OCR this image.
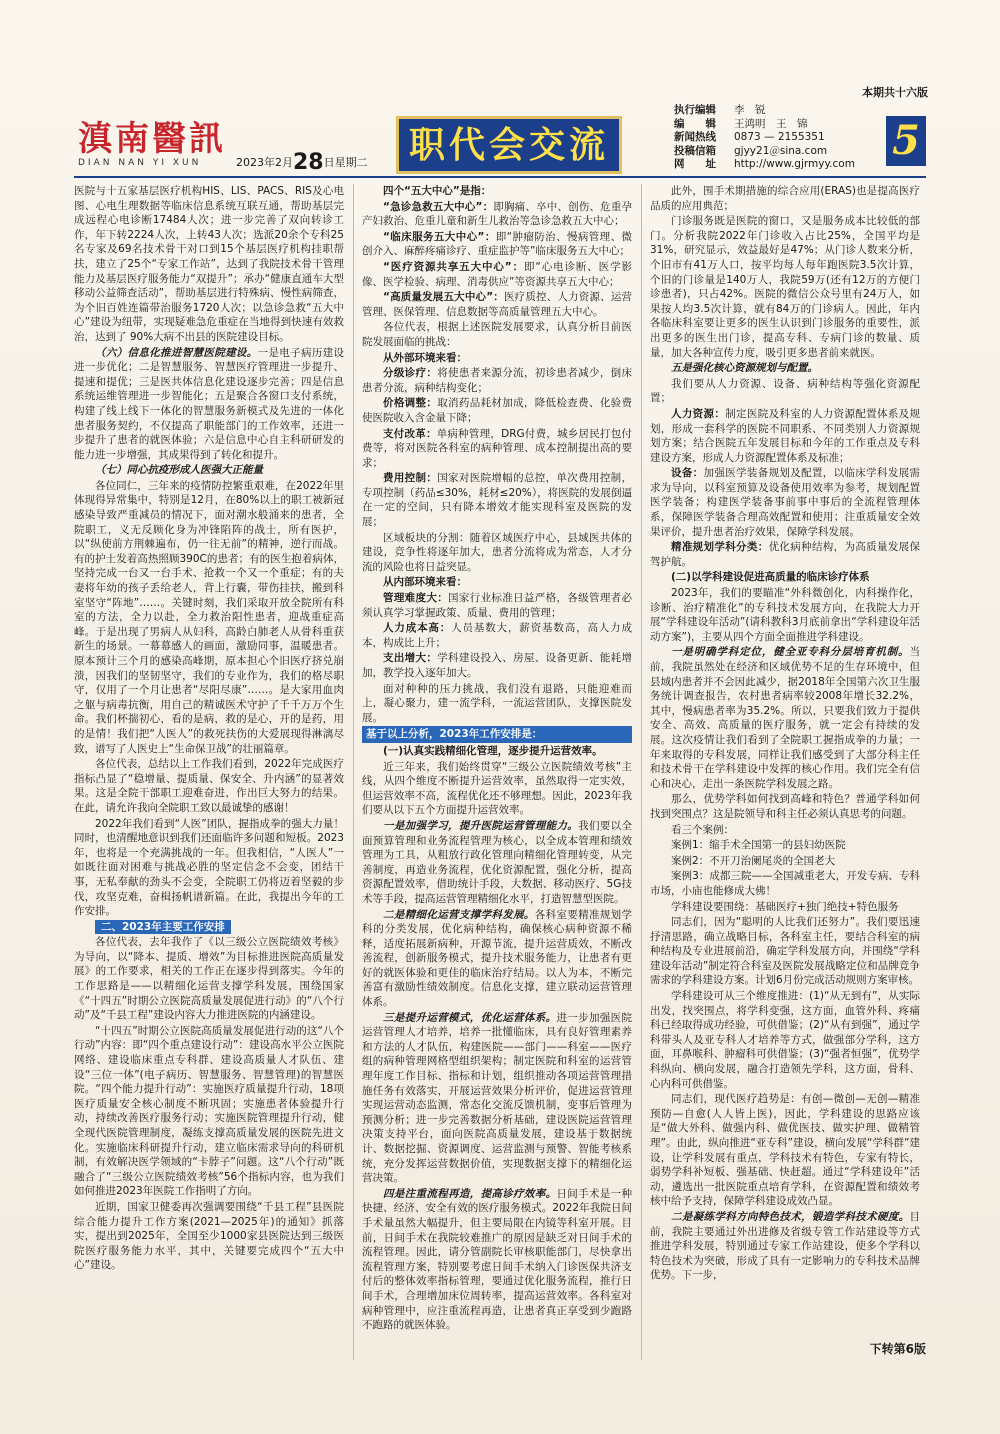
本期共十六版
滇南醫訊
DIAN NAN YI XUN	2023年2月28日星期二	职代会交流
执行编辑	李　锐
编　　辑	王鸿明　王　锦
新闻热线	0873 — 2155351
投稿信箱	gjyy21＠sina.com
网　　址	http://www.gjrmyy.com 5

医院与十五家基层医疗机构HIS、LIS、PACS、RIS及心电图、心电生理数据等临床信息系统互联互通，帮助基层完成远程心电诊断17484人次；进一步完善了双向转诊工作，年下转2224人次，上转43人次；选派20余个专科25名专家及69名技术骨干对口到15个基层医疗机构挂职帮扶，建立了25个“专家工作站”，达到了我院技术骨干管理能力及基层医疗服务能力“双提升”；承办“健康直通车大型移动公益筛查活动”，帮助基层进行特殊病、慢性病筛查，为个旧百姓连篇带治服务1720人次；以急诊急救“五大中心”建设为纽带，实现疑难急危重症在当地得到快速有效救治，达到了 90%大病不出县的医院建设目标。

（六）信息化推进智慧医院建设。一是电子病历建设进一步优化；二是智慧服务、智慧医疗管理进一步提升、提速和提优；三是医共体信息化建设逐步完善；四是信息系统运维管理进一步智能化；五是聚合各窗口支付系统，构建了线上线下一体化的智慧服务新模式及先进的一体化患者服务契约，不仅提高了职能部门的工作效率，还进一步提升了患者的就医体验；六是信息中心自主科研研发的能力进一步增强，其成果得到了转化和提升。

（七）同心抗疫形成人医强大正能量

各位同仁，三年来的疫情防控繁重艰难，在2022年里体现得异常集中，特别是12月，在80%以上的职工被新冠感染导致严重减员的情况下，面对潮水般涌来的患者，全院职工，义无反顾化身为冲锋陷阵的战士，所有医护，以“纵使前方荆棘遍布，仍一往无前”的精神，逆行而战。有的护士发着高热照顾390C的患者；有的医生抱着病体，坚持完成一台又一台手术、抢救一个又一个重症；有的夫妻将年幼的孩子丢给老人，背上行囊，带伤挂扶，搬到科室坚守“阵地”……。关键时刻，我们采取开放全院所有科室的方法，全力以赴，全力救治阳性患者，迎战重症高峰。于是出现了男病人从妇科，高龄白肺老人从骨科重获新生的场景。一幕幕感人的画面，激励同事，温暖患者。原本预计三个月的感染高峰期，原本担心个旧医疗挤兑崩溃，因我们的坚韧坚守，我们的专业作为，我们的格尽职守，仅用了一个月让患者“尽阳尽康”……。是大家用血肉之躯与病毒抗衡，用自己的精诚医术守护了千千万万个生命。我们杯揣初心，看的是病，救的是心，开的是药，用的是情！我们把“人医人”的救死扶伤的大爱展现得淋漓尽致，谱写了人医史上“生命保卫战”的壮丽篇章。

各位代表，总结以上工作我们看到，2022年完成医疗指标凸显了“稳增量、提质量、保安全、升内涵”的显著效果。这是全院干部职工迎难奋进，作出巨大努力的结果。在此，请允许我向全院职工致以最诚挚的感谢！

2022年我们看到“人医”团队，握指成拳的强大力量！同时，也清醒地意识到我们还面临许多问题和短板。2023年，也将是一个充满挑战的一年。但我相信，“人医人”一如既往面对困难与挑战必胜的坚定信念不会变，团结干事，无私奉献的劲头不会变，全院职工仍将迈着坚毅的步伐，攻坚克难，奋楫扬帆谱新篇。在此，我提出今年的工作安排。

二、2023年主要工作安排

各位代表，去年我作了《以三级公立医院绩效考核》为导向，以“降本、提质、增效”为目标推进医院高质量发展》的工作要求，相关的工作正在逐步得到落实。今年的工作思路是——以精细化运营支撑学科发展，围绕国家《“十四五”时期公立医院高质量发展促进行动》的“八个行动”及“千县工程”建设内容大力推进医院的内涵建设。

“十四五”时期公立医院高质量发展促进行动的这“八个行动”内容：即“四个重点建设行动”：建设高水平公立医院网络、建设临床重点专科群、建设高质量人才队伍、建设“三位一体”(电子病历、智慧服务、智慧管理)的智慧医院。“四个能力提升行动”：实施医疗质量提升行动，18项医疗质量安全核心制度不断巩固；实施患者体验提升行动，持续改善医疗服务行动；实施医院管理提升行动，健全现代医院管理制度，凝练支撑高质量发展的医院先进文化。实施临床科研提升行动，建立临床需求导向的科研机制，有效解决医学领域的“卡脖子”问题。这“八个行动”既融合了“三级公立医院绩效考核”56个指标内容，也为我们如何推进2023年医院工作指明了方向。

近期，国家卫健委再次强调要围绕“千县工程”县医院综合能力提升工作方案(2021—2025年)的通知》抓落实，提出到2025年，全国至少1000家县医院达到三级医院医疗服务能力水平，其中，关键要完成四个“五大中心”建设。

四个“五大中心”是指：

“急诊急救五大中心”：即胸痛、卒中、创伤、危重孕产妇救治、危重儿童和新生儿救治等急诊急救五大中心；

“临床服务五大中心”：即“肿瘤防治、慢病管理、微创介入、麻醉疼痛诊疗、重症监护等”临床服务五大中心；

“医疗资源共享五大中心”：即“心电诊断、医学影像、医学检验、病理、消毒供应”等资源共享五大中心；

“高质量发展五大中心”：医疗质控、人力资源、运营管理、医保管理、信息数据等高质量管理五大中心。

各位代表，根据上述医院发展要求，认真分析目前医院发展面临的挑战：

从外部环境来看：

分级诊疗：将使患者来源分流，初诊患者减少，倒床患者分流，病种结构变化；

价格调整：取消药品耗材加成，降低检查费、化验费使医院收入含金量下降；

支付改革：单病种管理，DRG付费，城乡居民打包付费等，将对医院各科室的病种管理、成本控制提出高的要求；

费用控制：国家对医院增幅的总控，单次费用控制，专项控制（药品≤30%，耗材≤20%），将医院的发展倒逼在一定的空间，只有降本增效才能实现科室及医院的发展；

区域板块的分割：随着区域医疗中心，县域医共体的建设，竞争性将逐年加大，患者分流将成为常态，人才分流的风险也将日益突显。

从内部环境来看：

管理难度大：国家行业标准日益严格，各级管理者必须认真学习掌握政策、质量、费用的管理；

人力成本高：人员基数大，薪资基数高，高人力成本，构成比上升；

支出增大：学科建设投入、房屋、设备更新、能耗增加，教学投入逐年加大。

面对种种的压力挑战，我们没有退路，只能迎难而上，凝心聚力，建一流学科，一流运营团队，支撑医院发展。

基于以上分析，2023年工作安排是：

(一)认真实践精细化管理，逐步提升运营效率。

近三年来，我们始终贯穿“三级公立医院绩效考核”主线，从四个维度不断提升运营效率，虽然取得一定实效，但运营效率不高，流程优化还不够理想。因此，2023年我们要从以下五个方面提升运营效率。

一是加强学习，提升医院运营管理能力。我们要以全面预算管理和业务流程管理为核心，以全成本管理和绩效管理为工具，从粗放行政化管理向精细化管理转变，从完善制度，再造业务流程，优化资源配置，强化分析，提高资源配置效率，借助统计手段，大数据、移动医疗、5G技术等手段，提高运营管理精细化水平，打造智慧型医院。

二是精细化运营支撑学科发展。各科室要精准规划学科的分类发展，优化病种结构，确保核心病种资源不稀释，适度拓展新病种，开源节流，提升运营质效，不断改善流程，创新服务模式，提升技术服务能力，让患者有更好的就医体验和更佳的临床治疗结局。以人为本，不断完善富有激励性绩效制度。信息化支撑，建立联动运营管理体系。

三是提升运营模式，优化运营体系。进一步加强医院运营管理人才培养，培养一批懂临床，具有良好管理素养和方法的人才队伍，构建医院——部门——科室——医疗组的病种管理网格型组织架构；制定医院和科室的运营管理年度工作目标、指标和计划，组织推动各项运营管理措施任务有效落实，开展运营效果分析评价，促进运营管理实现运营动态监测，常态化交流反馈机制，变事后管理为预测分析；进一步完善数据分析基础，建设医院运营管理决策支持平台，面向医院高质量发展，建设基于数据统计、数据挖掘、资源调度、运营监测与预警、智能考核系统，充分发挥运营数据价值，实现数据支撑下的精细化运营决策。

四是注重流程再造，提高诊疗效率。日间手术是一种快捷、经济、安全有效的医疗服务模式。2022年我院日间手术量虽然大幅提升，但主要局限在内镜等科室开展。目前，日间手术在我院较难推广的原因是缺乏对日间手术的流程管理。因此，请分管副院长审核职能部门，尽快拿出流程管理方案，特别要考虑日间手术纳入门诊医保共济支付后的整体效率指标管理，要通过优化服务流程，推行日间手术，合理增加床位周转率，提高运营效率。各科室对病种管理中，应注重流程再造，让患者真正享受到少跑路不跑路的就医体验。

此外，围手术期措施的综合应用(ERAS)也是提高医疗品质的应用典范；

门诊服务既是医院的窗口，又是服务成本比较低的部门。分析我院2022年门诊收入占比25%，全国平均是31%，研究显示，效益最好是47%；从门诊人数来分析，个旧市有41万人口，按平均每人每年跑医院3.5次计算，个旧的门诊量是140万人，我院59万(还有12万的方便门诊患者)，只占42%。医院的微信公众号里有24万人，如果按人均3.5次计算，就有84万的门诊病人。因此，年内各临床科室要让更多的医生认识到门诊服务的重要性，派出更多的医生出门诊，提高专科、专病门诊的数量、质量，加大各种宣传力度，吸引更多患者前来就医。

五是强化核心资源规划与配置。

我们要从人力资源、设备、病种结构等强化资源配置；

人力资源：制定医院及科室的人力资源配置体系及规划，形成一套科学的医院不同职系、不同类别人力资源规划方案；结合医院五年发展目标和今年的工作重点及专科建设方案，形成人力资源配置体系及标准；

设备：加强医学装备规划及配置，以临床学科发展需求为导向，以科室预算及设备使用效率为参考，规划配置医学装备；构建医学装备事前事中事后的全流程管理体系，保障医学装备合理高效配置和使用；注重质量安全效果评价，提升患者治疗效果，保障学科发展。

精准规划学科分类：优化病种结构，为高质量发展保驾护航。

(二)以学科建设促进高质量的临床诊疗体系

2023年，我们的要瞄准“外科微创化，内科操作化，诊断、治疗精准化”的专科技术发展方向，在我院大力开展“学科建设年活动”(请科教科3月底前拿出“学科建设年活动方案”)，主要从四个方面全面推进学科建设。

一是明确学科定位，健全亚专科分层培育机制。当前，我院虽然处在经济和区域优势不足的生存环境中，但县域内患者并不会因此减少，据2018年全国第六次卫生服务统计调查报告，农村患者病率较2008年增长32.2%，其中，慢病患者率为35.2%。所以，只要我们致力于提供安全、高效、高质量的医疗服务，就一定会有持续的发展。这次疫情让我们看到了全院职工握指成拳的力量；一年来取得的专科发展，同样让我们感受到了大部分科主任和技术骨干在学科建设中发挥的核心作用。我们完全有信心和决心，走出一条医院学科发展之路。

那么，优势学科如何找到高峰和特色？普通学科如何找到突围点？这是院领导和科主任必须认真思考的问题。

看三个案例：

案例1：缩手术全国第一的县妇幼医院

案例2：不开刀治阑尾炎的全国老大

案例3：成都三院——全国减重老大，开发专病、专科市场，小庙也能修成大佛！

学科建设要围绕：基础医疗+独门绝技+特色服务

同志们，因为“聪明的人比我们还努力”。我们要迅速抒清思路，确立战略目标，各科室主任，要结合科室的病种结构及专业进展前沿，确定学科发展方向，并围绕“学科建设年活动”制定符合科室及医院发展战略定位和品牌竞争需求的学科建设方案。计划6月份完成活动规则方案审核。

学科建设可从三个维度推进：(1)“从无到有”，从实际出发，找突围点，将学科变强，这方面，血管外科、疼痛科已经取得成功经验，可供借鉴；(2)“从有到强”，通过学科带头人及亚专科人才培养等方式，做强部分学科，这方面，耳鼻喉科、肿瘤科可供借鉴；(3)“强者恒强”，优势学科纵向、横向发展，融合打造领先学科，这方面，骨科、心内科可供借鉴。

同志们，现代医疗趋势是：有创—微创—无创—精准预防—自愈(人人皆上医)，因此，学科建设的思路应该是“做大外科、做强内科、做优医技、做实护理、做精管理”。由此，纵向推进“亚专科”建设，横向发展“学科群”建设，让学科发展有重点，学科技术有特色，专家有特长，弱势学科补短板、强基础、快赶超。通过“学科建设年”活动，遴选出一批医院重点培育学科，在资源配置和绩效考核中给予支持，保障学科建设成效凸显。

二是凝练学科方向特色技术，锻造学科技术硬度。目前，我院主要通过外出进修及省级专管工作站建设等方式推进学科发展，特别通过专家工作站建设，使多个学科以特色技术为突破，形成了具有一定影响力的专科技术品牌优势。下一步，

下转第6版
